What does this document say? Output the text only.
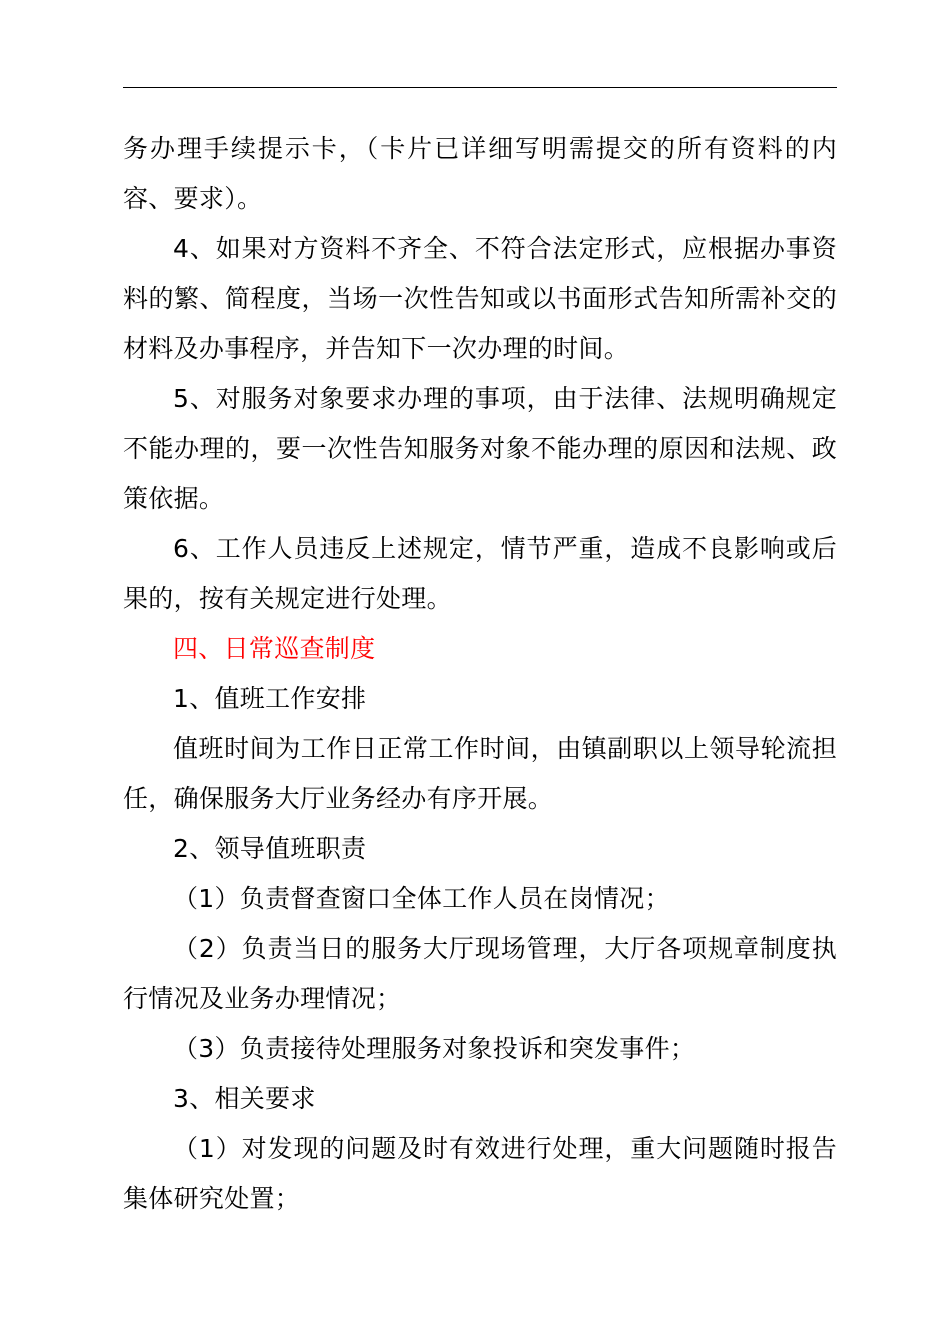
务办理手续提示卡，（卡片已详细写明需提交的所有资料的内容、要求）。

4、如果对方资料不齐全、不符合法定形式，应根据办事资料的繁、简程度，当场一次性告知或以书面形式告知所需补交的材料及办事程序，并告知下一次办理的时间。

5、对服务对象要求办理的事项，由于法律、法规明确规定不能办理的，要一次性告知服务对象不能办理的原因和法规、政策依据。

6、工作人员违反上述规定，情节严重，造成不良影响或后果的，按有关规定进行处理。

四、日常巡查制度

1、值班工作安排

值班时间为工作日正常工作时间，由镇副职以上领导轮流担任，确保服务大厅业务经办有序开展。

2、领导值班职责

（1）负责督查窗口全体工作人员在岗情况；

（2）负责当日的服务大厅现场管理，大厅各项规章制度执行情况及业务办理情况；

（3）负责接待处理服务对象投诉和突发事件；

3、相关要求

（1）对发现的问题及时有效进行处理，重大问题随时报告集体研究处置；
